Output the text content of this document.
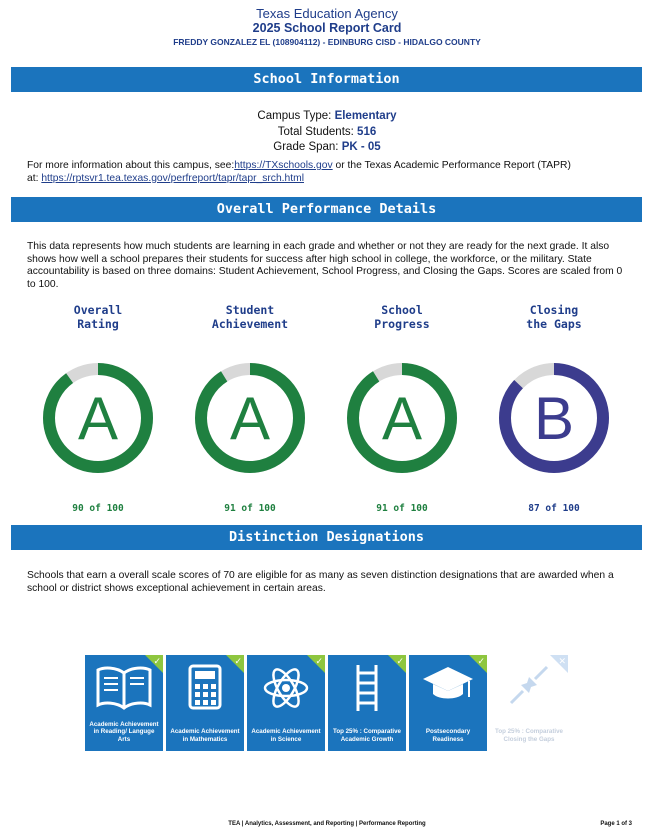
Texas Education Agency
2025 School Report Card
FREDDY GONZALEZ EL (108904112) - EDINBURG CISD - HIDALGO COUNTY
School Information
Campus Type: Elementary
Total Students: 516
Grade Span: PK - 05
For more information about this campus, see:https://TXschools.gov or the Texas Academic Performance Report (TAPR)
at: https://rptsvr1.tea.texas.gov/perfreport/tapr/tapr_srch.html
Overall Performance Details
This data represents how much students are learning in each grade and whether or not they are ready for the next grade. It also shows how well a school prepares their students for success after high school in college, the workforce, or the military. State accountability is based on three domains: Student Achievement, School Progress, and Closing the Gaps. Scores are scaled from 0 to 100.
Overall
Rating
A
90 of 100
Student
Achievement
A
91 of 100
School
Progress
A
91 of 100
Closing
the Gaps
B
87 of 100
Distinction Designations
Schools that earn a overall scale scores of 70 are eligible for as many as seven distinction designations that are awarded when a school or district shows exceptional achievement in certain areas.
✓
Academic Achievement in Reading/ Languge Arts
✓
Academic Achievement in Mathematics
✓
Academic Achievement in Science
✓
Top 25% : Comparative Academic Growth
✓
Postsecondary Readiness
✕
Top 25% : Comparative Closing the Gaps
TEA | Analytics, Assessment, and Reporting | Performance Reporting	Page 1 of 3
